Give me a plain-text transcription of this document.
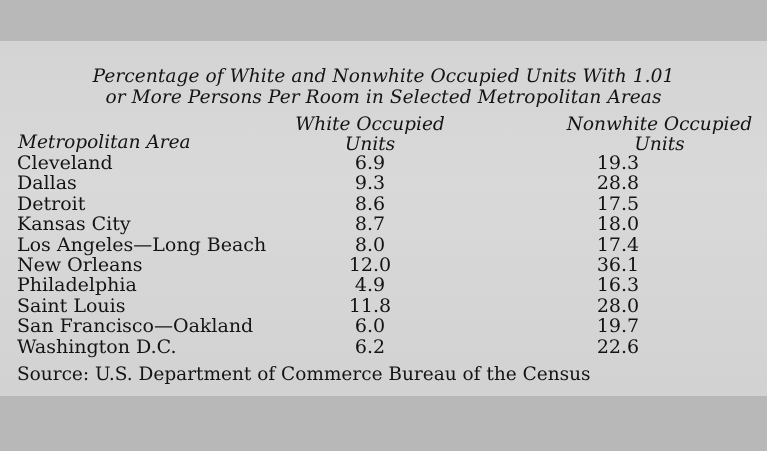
Percentage of White and Nonwhite Occupied Units With 1.01
or More Persons Per Room in Selected Metropolitan Areas
Metropolitan Area
White Occupied
Units
Nonwhite Occupied
Units
Cleveland	6.9	19.3
Dallas	9.3	28.8
Detroit	8.6	17.5
Kansas City	8.7	18.0
Los Angeles—Long Beach	8.0	17.4
New Orleans	12.0	36.1
Philadelphia	4.9	16.3
Saint Louis	11.8	28.0
San Francisco—Oakland	6.0	19.7
Washington D.C.	6.2	22.6
Source: U.S. Department of Commerce Bureau of the Census
